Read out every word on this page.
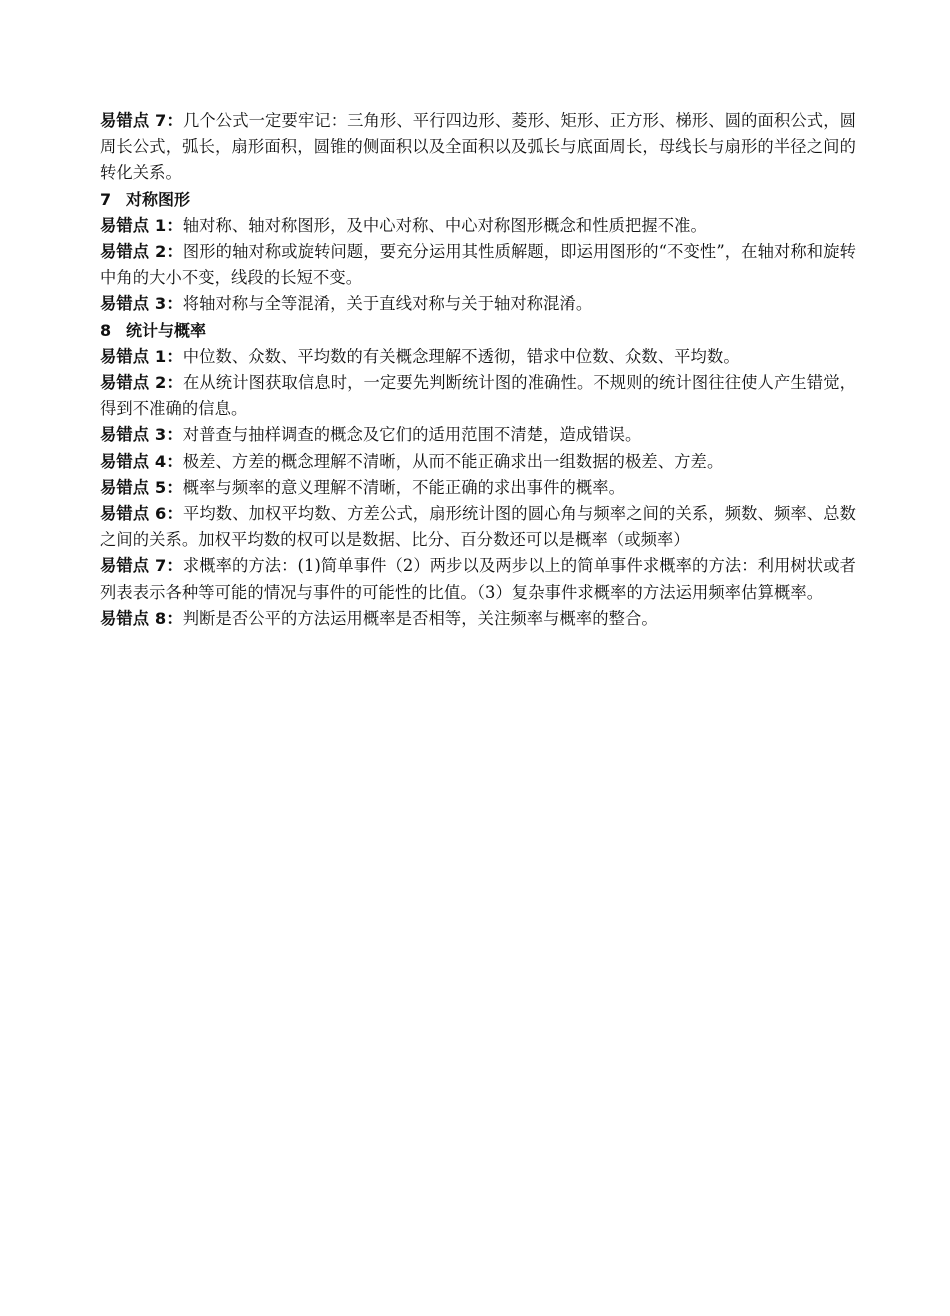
易错点 7：几个公式一定要牢记：三角形、平行四边形、菱形、矩形、正方形、梯形、圆的面积公式，圆周长公式，弧长，扇形面积，圆锥的侧面积以及全面积以及弧长与底面周长，母线长与扇形的半径之间的转化关系。

7 对称图形

易错点 1：轴对称、轴对称图形，及中心对称、中心对称图形概念和性质把握不准。

易错点 2：图形的轴对称或旋转问题，要充分运用其性质解题，即运用图形的“不变性”，在轴对称和旋转中角的大小不变，线段的长短不变。

易错点 3：将轴对称与全等混淆，关于直线对称与关于轴对称混淆。

8 统计与概率

易错点 1：中位数、众数、平均数的有关概念理解不透彻，错求中位数、众数、平均数。

易错点 2：在从统计图获取信息时，一定要先判断统计图的准确性。不规则的统计图往往使人产生错觉，得到不准确的信息。

易错点 3：对普查与抽样调查的概念及它们的适用范围不清楚，造成错误。

易错点 4：极差、方差的概念理解不清晰，从而不能正确求出一组数据的极差、方差。

易错点 5：概率与频率的意义理解不清晰，不能正确的求出事件的概率。

易错点 6：平均数、加权平均数、方差公式，扇形统计图的圆心角与频率之间的关系，频数、频率、总数之间的关系。加权平均数的权可以是数据、比分、百分数还可以是概率（或频率）

易错点 7：求概率的方法：(1)简单事件（2）两步以及两步以上的简单事件求概率的方法：利用树状或者列表表示各种等可能的情况与事件的可能性的比值。（3）复杂事件求概率的方法运用频率估算概率。

易错点 8：判断是否公平的方法运用概率是否相等，关注频率与概率的整合。
